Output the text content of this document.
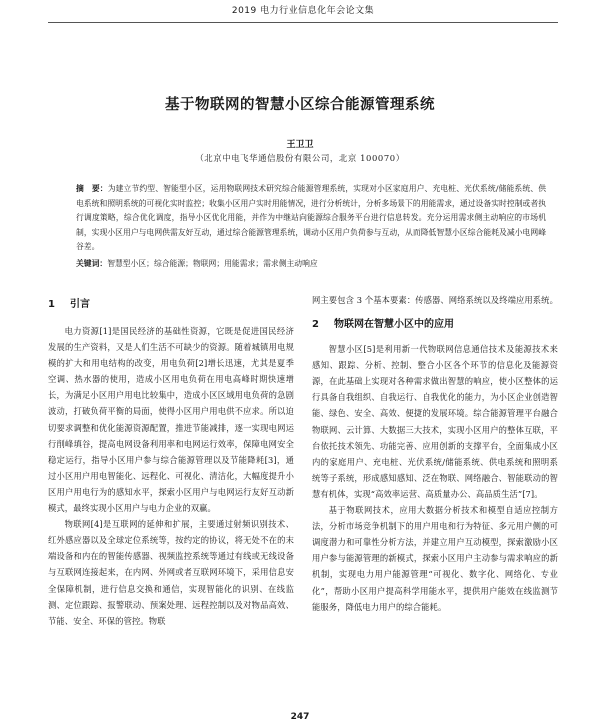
2019 电力行业信息化年会论文集
基于物联网的智慧小区综合能源管理系统
王卫卫
（北京中电飞华通信股份有限公司，北京 100070）

摘　要：为建立节约型、智能型小区，运用物联网技术研究综合能源管理系统，实现对小区家庭用户、充电桩、光伏系统/储能系统、供电系统和照明系统的可视化实时监控；收集小区用户实时用能情况，进行分析统计，分析多场景下的用能需求，通过设备实时控制或者执行调度策略，综合优化调度，指导小区优化用能，并作为中继站向能源综合服务平台进行信息转发。充分运用需求侧主动响应的市场机制，实现小区用户与电网供需友好互动，通过综合能源管理系统，调动小区用户负荷参与互动，从而降低智慧小区综合能耗及减小电网峰谷差。

关键词：智慧型小区；综合能源；物联网；用能需求；需求侧主动响应

1 引言

电力资源[1]是国民经济的基础性资源，它既是促进国民经济发展的生产资料，又是人们生活不可缺少的资源。随着城镇用电规模的扩大和用电结构的改变，用电负荷[2]增长迅速，尤其是夏季空调、热水器的使用，造成小区用电负荷在用电高峰时期快速增长，为满足小区用户用电比较集中，造成小区区域用电负荷的急剧波动，打破负荷平衡的局面，使得小区用户用电供不应求。所以迫切要求调整和优化能源资源配置，推进节能减排，逐一实现电网运行削峰填谷，提高电网设备利用率和电网运行效率，保障电网安全稳定运行，指导小区用户参与综合能源管理以及节能降耗[3]，通过小区用户用电智能化、远程化、可视化、清洁化，大幅度提升小区用户用电行为的感知水平，探索小区用户与电网运行友好互动新模式，最终实现小区用户与电力企业的双赢。

物联网[4]是互联网的延伸和扩展，主要通过射频识别技术、红外感应器以及全球定位系统等，按约定的协议，将无处不在的末端设备和内在的智能传感器、视频监控系统等通过有线或无线设备与互联网连接起来，在内网、外网或者互联网环境下，采用信息安全保障机制，进行信息交换和通信，实现智能化的识别、在线监测、定位跟踪、报警联动、预案处理、远程控制以及对物品高效、节能、安全、环保的管控。物联

网主要包含 3 个基本要素：传感器、网络系统以及终端应用系统。

2 物联网在智慧小区中的应用

智慧小区[5]是利用新一代物联网信息通信技术及能源技术来感知、跟踪、分析、控制、整合小区各个环节的信息化及能源资源，在此基础上实现对各种需求做出智慧的响应，使小区整体的运行具备自我组织、自我运行、自我优化的能力，为小区企业创造智能、绿色、安全、高效、便捷的发展环境。综合能源管理平台融合物联网、云计算、大数据三大技术，实现小区用户的整体互联，平台依托技术领先、功能完善、应用创新的支撑平台，全面集成小区内的家庭用户、充电桩、光伏系统/储能系统、供电系统和照明系统等子系统，形成感知感知、泛在物联、网络融合、智能联动的智慧有机体，实现“高效率运营、高质量办公、高品质生活”[7]。

基于物联网技术，应用大数据分析技术和模型自适应控制方法，分析市场竞争机制下的用户用电和行为特征、多元用户侧的可调度潜力和可靠性分析方法，并建立用户互动模型，探索激励小区用户参与能源管理的新模式，探索小区用户主动参与需求响应的新机制，实现电力用户能源管理“可视化、数字化、网络化、专业化”，帮助小区用户提高科学用能水平，提供用户能效在线监测节能服务，降低电力用户的综合能耗。

247
